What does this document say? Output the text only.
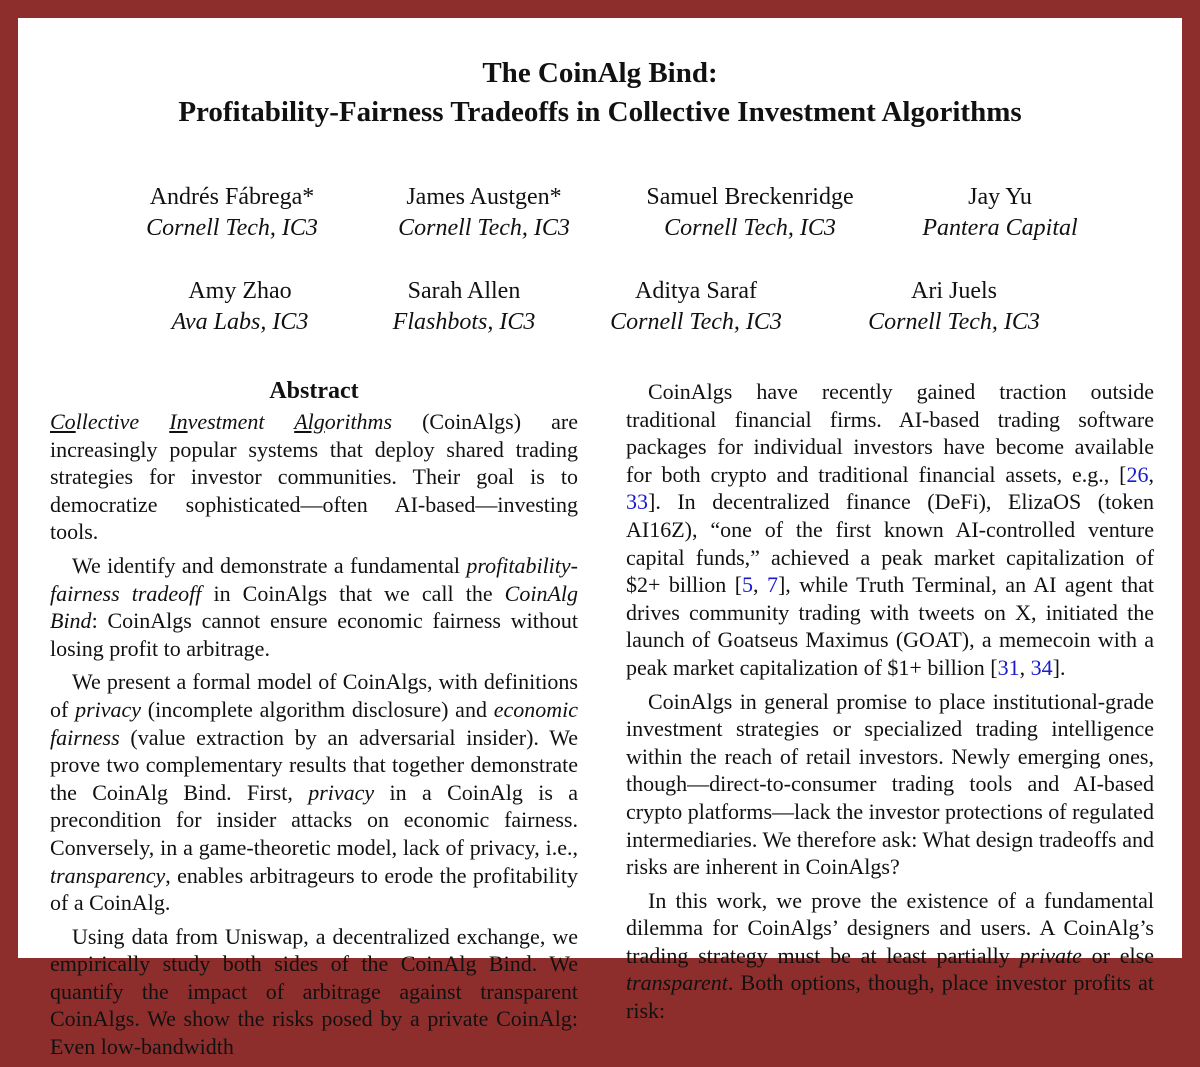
The CoinAlg Bind:
Profitability-Fairness Tradeoffs in Collective Investment Algorithms
Andrés Fábrega*
Cornell Tech, IC3
James Austgen*
Cornell Tech, IC3
Samuel Breckenridge
Cornell Tech, IC3
Jay Yu
Pantera Capital
Amy Zhao
Ava Labs, IC3
Sarah Allen
Flashbots, IC3
Aditya Saraf
Cornell Tech, IC3
Ari Juels
Cornell Tech, IC3
Abstract

Collective Investment Algorithms (CoinAlgs) are increasingly popular systems that deploy shared trading strategies for investor communities. Their goal is to democratize sophisticated—often AI-based—investing tools.

We identify and demonstrate a fundamental profitability-fairness tradeoff in CoinAlgs that we call the CoinAlg Bind: CoinAlgs cannot ensure economic fairness without losing profit to arbitrage.

We present a formal model of CoinAlgs, with definitions of privacy (incomplete algorithm disclosure) and economic fairness (value extraction by an adversarial insider). We prove two complementary results that together demonstrate the CoinAlg Bind. First, privacy in a CoinAlg is a precondition for insider attacks on economic fairness. Conversely, in a game-theoretic model, lack of privacy, i.e., transparency, enables arbitrageurs to erode the profitability of a CoinAlg.

Using data from Uniswap, a decentralized exchange, we empirically study both sides of the CoinAlg Bind. We quantify the impact of arbitrage against transparent CoinAlgs. We show the risks posed by a private CoinAlg: Even low-bandwidth

CoinAlgs have recently gained traction outside traditional financial firms. AI-based trading software packages for individual investors have become available for both crypto and traditional financial assets, e.g., [26, 33]. In decentralized finance (DeFi), ElizaOS (token AI16Z), “one of the first known AI-controlled venture capital funds,” achieved a peak market capitalization of $2+ billion [5, 7], while Truth Terminal, an AI agent that drives community trading with tweets on X, initiated the launch of Goatseus Maximus (GOAT), a memecoin with a peak market capitalization of $1+ billion [31, 34].

CoinAlgs in general promise to place institutional-grade investment strategies or specialized trading intelligence within the reach of retail investors. Newly emerging ones, though—direct-to-consumer trading tools and AI-based crypto platforms—lack the investor protections of regulated intermediaries. We therefore ask: What design tradeoffs and risks are inherent in CoinAlgs?

In this work, we prove the existence of a fundamental dilemma for CoinAlgs’ designers and users. A CoinAlg’s trading strategy must be at least partially private or else transparent. Both options, though, place investor profits at risk:
